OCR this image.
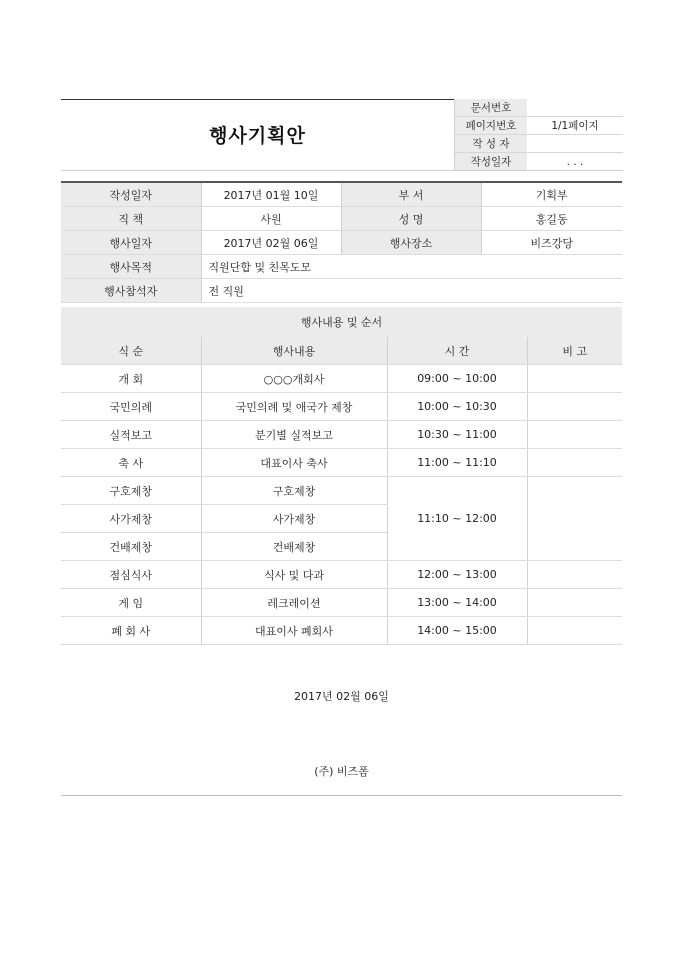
행사기획안
문서번호	
페이지번호	1/1페이지
작 성 자	
작성일자	. . .
작성일자	2017년 01월 10일	부 서	기획부
직 책	사원	성 명	홍길동
행사일자	2017년 02월 06일	행사장소	비즈강당
행사목적	직원단합 및 친목도모		
행사참석자	전 직원		
행사내용 및 순서
식 순	행사내용	시 간	비 고
개 회	○○○개회사	09:00 ~ 10:00	
국민의례	국민의례 및 애국가 제창	10:00 ~ 10:30	
실적보고	분기별 실적보고	10:30 ~ 11:00	
축 사	대표이사 축사	11:00 ~ 11:10	
구호제창	구호제창	11:10 ~ 12:00	
사가제창	사가제창		
건배제창	건배제창		
점심식사	식사 및 다과	12:00 ~ 13:00	
게 임	레크레이션	13:00 ~ 14:00	
폐 회 사	대표이사 폐회사	14:00 ~ 15:00	
2017년 02월 06일
(주) 비즈폼
